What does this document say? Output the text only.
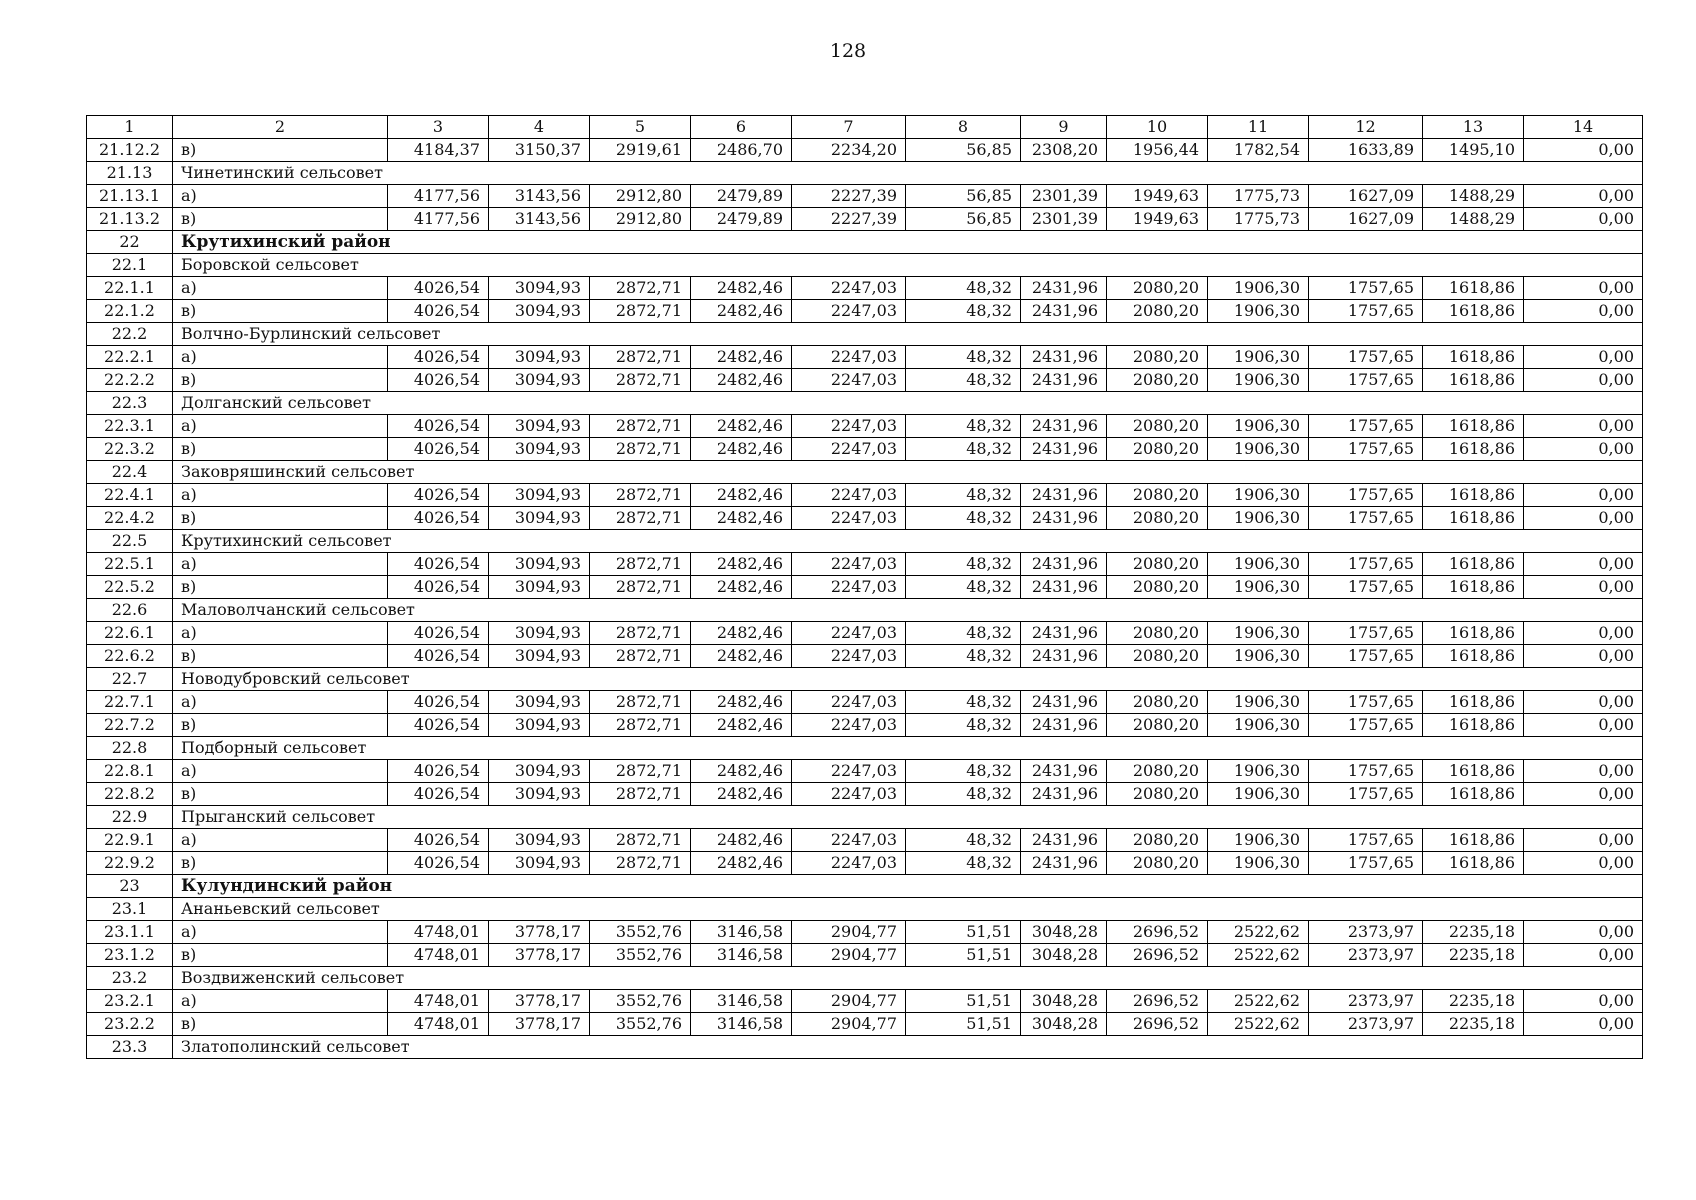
128
1	2	3	4	5	6	7	8	9	10	11	12	13	14
21.12.2	в)	4184,37	3150,37	2919,61	2486,70	2234,20	56,85	2308,20	1956,44	1782,54	1633,89	1495,10	0,00
21.13	Чинетинский сельсовет												
21.13.1	а)	4177,56	3143,56	2912,80	2479,89	2227,39	56,85	2301,39	1949,63	1775,73	1627,09	1488,29	0,00
21.13.2	в)	4177,56	3143,56	2912,80	2479,89	2227,39	56,85	2301,39	1949,63	1775,73	1627,09	1488,29	0,00
22	Крутихинский район												
22.1	Боровской сельсовет												
22.1.1	а)	4026,54	3094,93	2872,71	2482,46	2247,03	48,32	2431,96	2080,20	1906,30	1757,65	1618,86	0,00
22.1.2	в)	4026,54	3094,93	2872,71	2482,46	2247,03	48,32	2431,96	2080,20	1906,30	1757,65	1618,86	0,00
22.2	Волчно-Бурлинский сельсовет												
22.2.1	а)	4026,54	3094,93	2872,71	2482,46	2247,03	48,32	2431,96	2080,20	1906,30	1757,65	1618,86	0,00
22.2.2	в)	4026,54	3094,93	2872,71	2482,46	2247,03	48,32	2431,96	2080,20	1906,30	1757,65	1618,86	0,00
22.3	Долганский сельсовет												
22.3.1	а)	4026,54	3094,93	2872,71	2482,46	2247,03	48,32	2431,96	2080,20	1906,30	1757,65	1618,86	0,00
22.3.2	в)	4026,54	3094,93	2872,71	2482,46	2247,03	48,32	2431,96	2080,20	1906,30	1757,65	1618,86	0,00
22.4	Заковряшинский сельсовет												
22.4.1	а)	4026,54	3094,93	2872,71	2482,46	2247,03	48,32	2431,96	2080,20	1906,30	1757,65	1618,86	0,00
22.4.2	в)	4026,54	3094,93	2872,71	2482,46	2247,03	48,32	2431,96	2080,20	1906,30	1757,65	1618,86	0,00
22.5	Крутихинский сельсовет												
22.5.1	а)	4026,54	3094,93	2872,71	2482,46	2247,03	48,32	2431,96	2080,20	1906,30	1757,65	1618,86	0,00
22.5.2	в)	4026,54	3094,93	2872,71	2482,46	2247,03	48,32	2431,96	2080,20	1906,30	1757,65	1618,86	0,00
22.6	Маловолчанский сельсовет												
22.6.1	а)	4026,54	3094,93	2872,71	2482,46	2247,03	48,32	2431,96	2080,20	1906,30	1757,65	1618,86	0,00
22.6.2	в)	4026,54	3094,93	2872,71	2482,46	2247,03	48,32	2431,96	2080,20	1906,30	1757,65	1618,86	0,00
22.7	Новодубровский сельсовет												
22.7.1	а)	4026,54	3094,93	2872,71	2482,46	2247,03	48,32	2431,96	2080,20	1906,30	1757,65	1618,86	0,00
22.7.2	в)	4026,54	3094,93	2872,71	2482,46	2247,03	48,32	2431,96	2080,20	1906,30	1757,65	1618,86	0,00
22.8	Подборный сельсовет												
22.8.1	а)	4026,54	3094,93	2872,71	2482,46	2247,03	48,32	2431,96	2080,20	1906,30	1757,65	1618,86	0,00
22.8.2	в)	4026,54	3094,93	2872,71	2482,46	2247,03	48,32	2431,96	2080,20	1906,30	1757,65	1618,86	0,00
22.9	Прыганский сельсовет												
22.9.1	а)	4026,54	3094,93	2872,71	2482,46	2247,03	48,32	2431,96	2080,20	1906,30	1757,65	1618,86	0,00
22.9.2	в)	4026,54	3094,93	2872,71	2482,46	2247,03	48,32	2431,96	2080,20	1906,30	1757,65	1618,86	0,00
23	Кулундинский район												
23.1	Ананьевский сельсовет												
23.1.1	а)	4748,01	3778,17	3552,76	3146,58	2904,77	51,51	3048,28	2696,52	2522,62	2373,97	2235,18	0,00
23.1.2	в)	4748,01	3778,17	3552,76	3146,58	2904,77	51,51	3048,28	2696,52	2522,62	2373,97	2235,18	0,00
23.2	Воздвиженский сельсовет												
23.2.1	а)	4748,01	3778,17	3552,76	3146,58	2904,77	51,51	3048,28	2696,52	2522,62	2373,97	2235,18	0,00
23.2.2	в)	4748,01	3778,17	3552,76	3146,58	2904,77	51,51	3048,28	2696,52	2522,62	2373,97	2235,18	0,00
23.3	Златополинский сельсовет												
